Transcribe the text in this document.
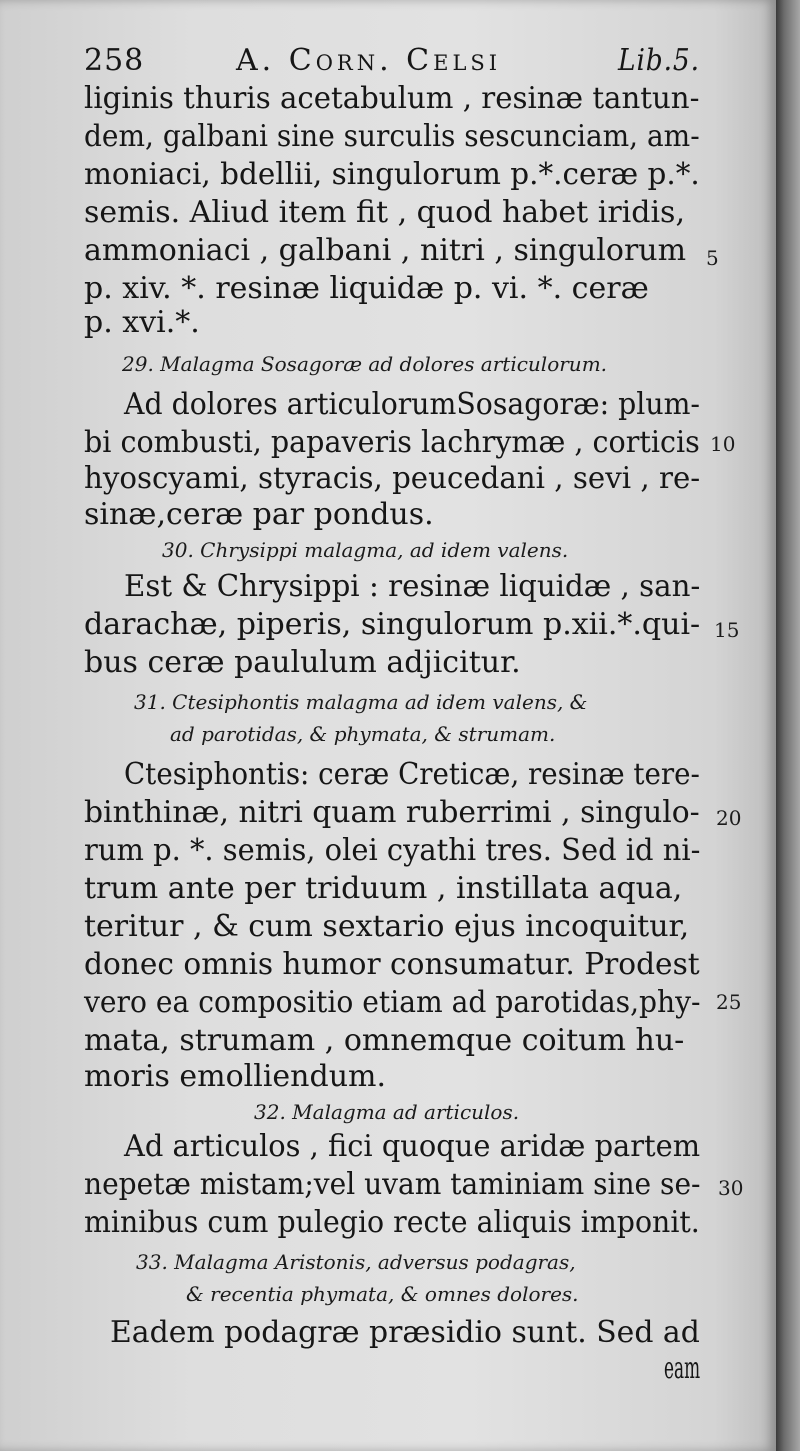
258	A. Corn. Celsi	Lib.5.
liginis thuris acetabulum , resinæ tantun-
dem, galbani sine surculis sescunciam, am-
moniaci, bdellii, singulorum p.*.ceræ p.*.
semis. Aliud item fit , quod habet iridis,
ammoniaci , galbani , nitri , singulorum 5
p. xiv. *. resinæ liquidæ p. vi. *. ceræ
p. xvi.*.
29. Malagma Sosagoræ ad dolores articulorum.
Ad dolores articulorumSosagoræ: plum-
bi combusti, papaveris lachrymæ , corticis 10
hyoscyami, styracis, peucedani , sevi , re-
sinæ,ceræ par pondus.
30. Chrysippi malagma, ad idem valens.
Est & Chrysippi : resinæ liquidæ , san-
darachæ, piperis, singulorum p.xii.*.qui- 15
bus ceræ paululum adjicitur.
31. Ctesiphontis malagma ad idem valens, &
ad parotidas, & phymata, & strumam.
Ctesiphontis: ceræ Creticæ, resinæ tere-
binthinæ, nitri quam ruberrimi , singulo- 20
rum p. *. semis, olei cyathi tres. Sed id ni-
trum ante per triduum , instillata aqua,
teritur , & cum sextario ejus incoquitur,
donec omnis humor consumatur. Prodest
vero ea compositio etiam ad parotidas,phy- 25
mata, strumam , omnemque coitum hu-
moris emolliendum.
32. Malagma ad articulos.
Ad articulos , fici quoque aridæ partem
nepetæ mistam;vel uvam taminiam sine se- 30
minibus cum pulegio recte aliquis imponit.
33. Malagma Aristonis, adversus podagras,
& recentia phymata, & omnes dolores.
Eadem podagræ præsidio sunt. Sed ad
eam
